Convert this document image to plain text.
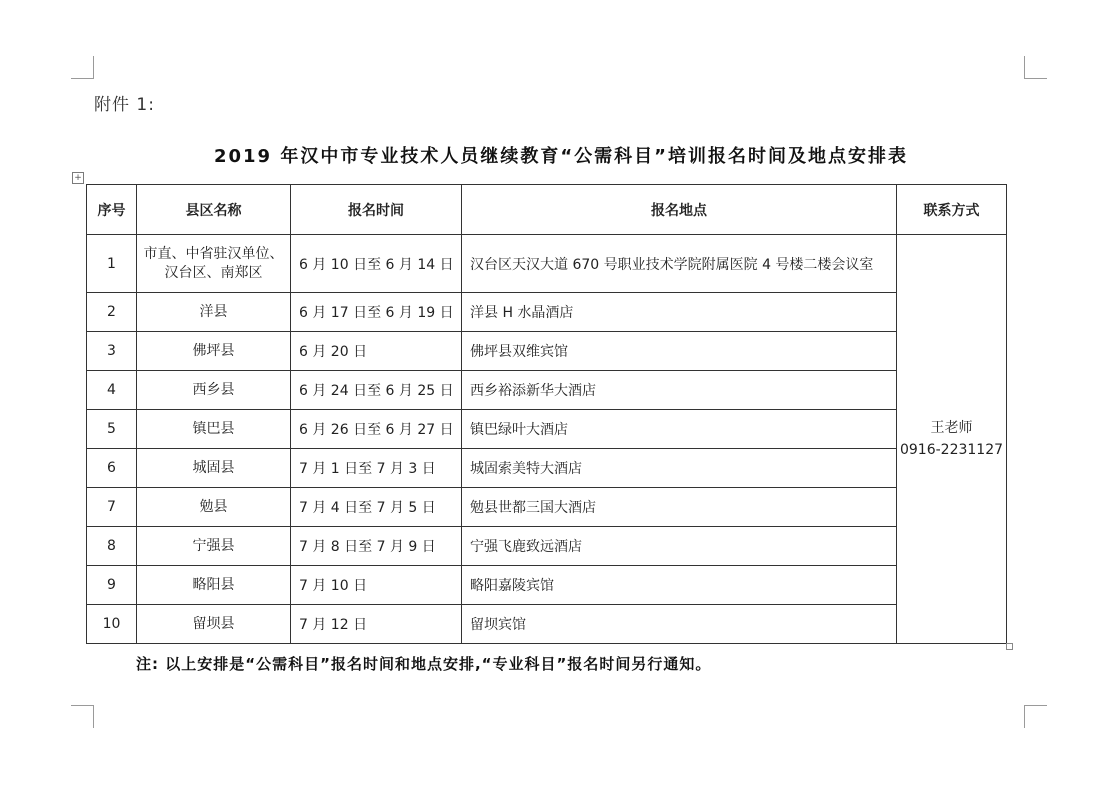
附件 1:
2019 年汉中市专业技术人员继续教育“公需科目”培训报名时间及地点安排表
+
序号	县区名称	报名时间	报名地点	联系方式
1	市直、中省驻汉单位、汉台区、南郑区	6 月 10 日至 6 月 14 日	汉台区天汉大道 670 号职业技术学院附属医院 4 号楼二楼会议室	王老师
0916-2231127

2	洋县	6 月 17 日至 6 月 19 日	洋县 H 水晶酒店	
3	佛坪县	6 月 20 日	佛坪县双维宾馆	
4	西乡县	6 月 24 日至 6 月 25 日	西乡裕添新华大酒店	
5	镇巴县	6 月 26 日至 6 月 27 日	镇巴绿叶大酒店	
6	城固县	7 月 1 日至 7 月 3 日	城固索美特大酒店	
7	勉县	7 月 4 日至 7 月 5 日	勉县世都三国大酒店	
8	宁强县	7 月 8 日至 7 月 9 日	宁强飞鹿致远酒店	
9	略阳县	7 月 10 日	略阳嘉陵宾馆	
10	留坝县	7 月 12 日	留坝宾馆	
注: 以上安排是“公需科目”报名时间和地点安排,“专业科目”报名时间另行通知。
